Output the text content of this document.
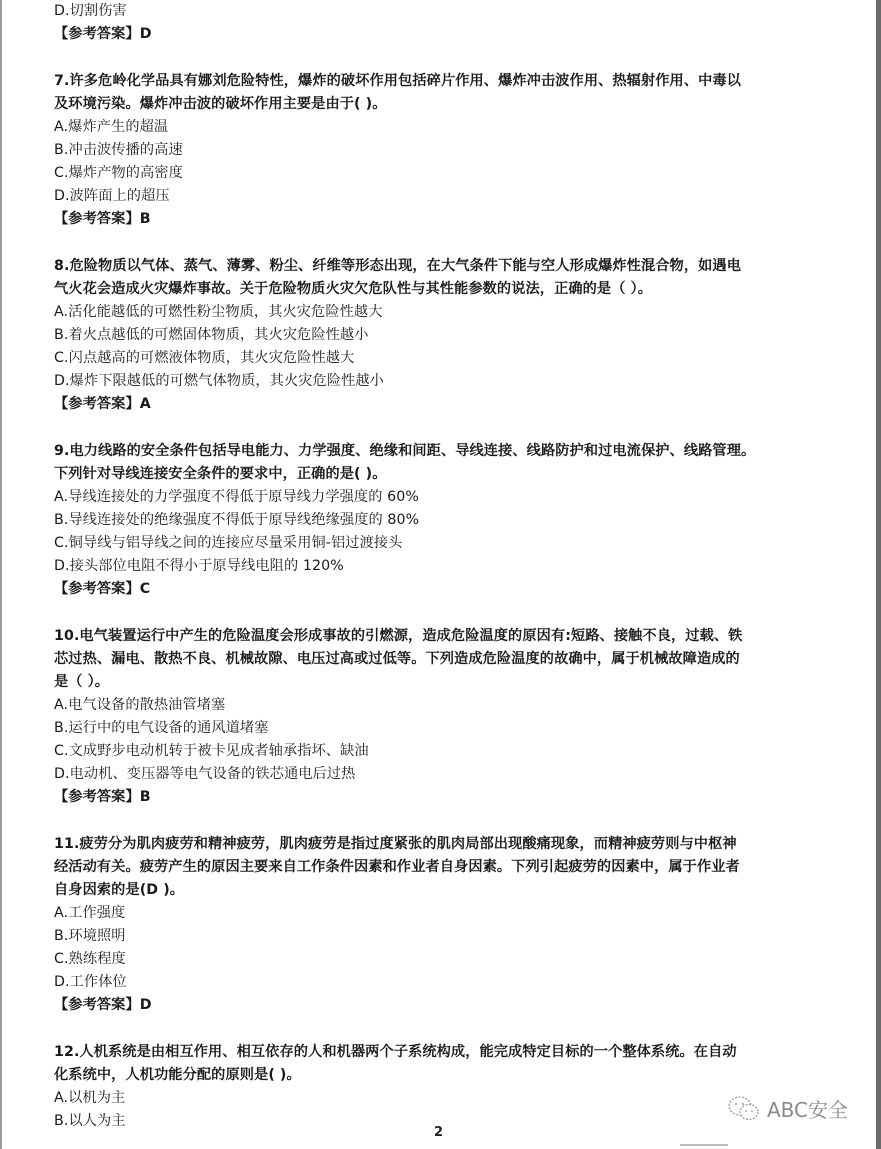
D.切割伤害
【参考答案】D
7.许多危岭化学品具有娜刘危险特性，爆炸的破坏作用包括碎片作用、爆炸冲击波作用、热辐射作用、中毒以
及环境污染。爆炸冲击波的破坏作用主要是由于( )。
A.爆炸产生的超温
B.冲击波传播的高速
C.爆炸产物的高密度
D.波阵面上的超压
【参考答案】B
8.危险物质以气体、蒸气、薄雾、粉尘、纤维等形态出现，在大气条件下能与空人形成爆炸性混合物，如遇电
气火花会造成火灾爆炸事故。关于危险物质火灾欠危队性与其性能参数的说法，正确的是（ ）。
A.活化能越低的可燃性粉尘物质，其火灾危险性越大
B.着火点越低的可燃固体物质，其火灾危险性越小
C.闪点越高的可燃液体物质，其火灾危险性越大
D.爆炸下限越低的可燃气体物质，其火灾危险性越小
【参考答案】A
9.电力线路的安全条件包括导电能力、力学强度、绝缘和间距、导线连接、线路防护和过电流保护、线路管理。
下列针对导线连接安全条件的要求中，正确的是( )。
A.导线连接处的力学强度不得低于原导线力学强度的 60%
B.导线连接处的绝缘强度不得低于原导线绝缘强度的 80%
C.铜导线与铝导线之间的连接应尽量采用铜-铝过渡接头
D.接头部位电阻不得小于原导线电阻的 120%
【参考答案】C
10.电气装置运行中产生的危险温度会形成事故的引燃源，造成危险温度的原因有:短路、接触不良，过载、铁
芯过热、漏电、散热不良、机械故隙、电压过高或过低等。下列造成危险温度的故确中，属于机械故障造成的
是（ ）。
A.电气设备的散热油管堵塞
B.运行中的电气设备的通风道堵塞
C.文成野步电动机转于被卡见成者轴承指坏、缺油
D.电动机、变压器等电气设备的铁芯通电后过热
【参考答案】B
11.疲劳分为肌肉疲劳和精神疲劳，肌肉疲劳是指过度紧张的肌肉局部出现酸痛现象，而精神疲劳则与中枢神
经活动有关。疲劳产生的原因主要来自工作条件因素和作业者自身因素。下列引起疲劳的因素中，属于作业者
自身因索的是(D )。
A.工作强度
B.环境照明
C.熟练程度
D.工作体位
【参考答案】D
12.人机系统是由相互作用、相互依存的人和机器两个子系统构成，能完成特定目标的一个整体系统。在自动
化系统中，人机功能分配的原则是( )。
A.以机为主
B.以人为主
2
ABC安全
